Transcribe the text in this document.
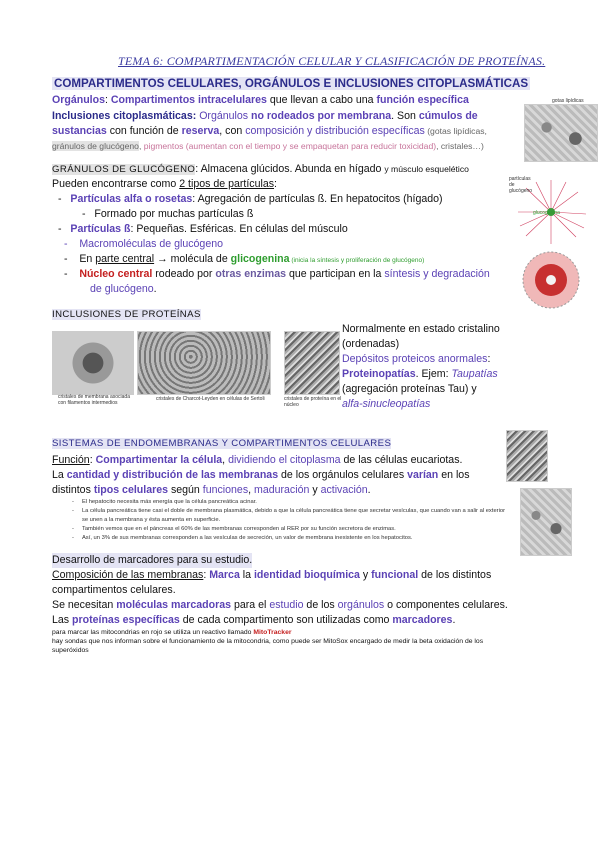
TEMA 6: COMPARTIMENTACIÓN CELULAR Y CLASIFICACIÓN DE PROTEÍNAS.
COMPARTIMENTOS CELULARES, ORGÁNULOS E INCLUSIONES CITOPLASMÁTICAS
Orgánulos: Compartimentos intracelulares que llevan a cabo una función específica
Inclusiones citoplasmáticas: Orgánulos no rodeados por membrana. Son cúmulos de
sustancias con función de reserva, con composición y distribución específicas (gotas lipídicas,
gránulos de glucógeno, pigmentos (aumentan con el tiempo y se empaquetan para reducir toxicidad), cristales…)
gotas lipídicas
GRÁNULOS DE GLUCÓGENO: Almacena glúcidos. Abunda en hígado y músculo esquelético
Pueden encontrarse como 2 tipos de partículas:
- Partículas alfa o rosetas: Agregación de partículas ß. En hepatocitos (hígado)
- Formado por muchas partículas ß
- Partículas ß: Pequeñas. Esféricas. En células del músculo
- Macromoléculas de glucógeno
- En parte central → molécula de glicogenina (inicia la síntesis y proliferación de glucógeno)
- Núcleo central rodeado por otras enzimas que participan en la síntesis y degradación
de glucógeno.
partículas de glucógeno
glucogenina
INCLUSIONES DE PROTEÍNAS
cristales de membrana asociada con filamentos intermedios
cristales de Charcot-Leyden en células de Sertoli	cristales de proteína en el núcleo
Normalmente en estado cristalino
(ordenadas)
Depósitos proteicos anormales:
Proteinopatías. Ejem: Taupatías
(agregación proteínas Tau) y
alfa-sinucleopatías
SISTEMAS DE ENDOMEMBRANAS Y COMPARTIMENTOS CELULARES
Función: Compartimentar la célula, dividiendo el citoplasma de las células eucariotas.
La cantidad y distribución de las membranas de los orgánulos celulares varían en los
distintos tipos celulares según funciones, maduración y activación.
- El hepatocito necesita más energía que la célula pancreática acinar.
- La célula pancreática tiene casi el doble de membrana plasmática, debido a que la célula pancreática tiene que secretar vesículas, que cuando van a salir al exterior se unen a la membrana y ésta aumenta en superficie.
- También vemos que en el páncreas el 60% de las membranas corresponden al RER por su función secretora de enzimas.
- Así, un 3% de sus membranas corresponden a las vesículas de secreción, un valor de membrana inexistente en los hepatocitos.
Desarrollo de marcadores para su estudio.
Composición de las membranas: Marca la identidad bioquímica y funcional de los distintos
compartimentos celulares.
Se necesitan moléculas marcadoras para el estudio de los orgánulos o componentes celulares.
Las proteínas específicas de cada compartimento son utilizadas como marcadores.
para marcar las mitocondrias en rojo se utiliza un reactivo llamado MitoTracker
hay sondas que nos informan sobre el funcionamiento de la mitocondria, como puede ser MitoSox encargado de medir la beta oxidación de los
superóxidos
